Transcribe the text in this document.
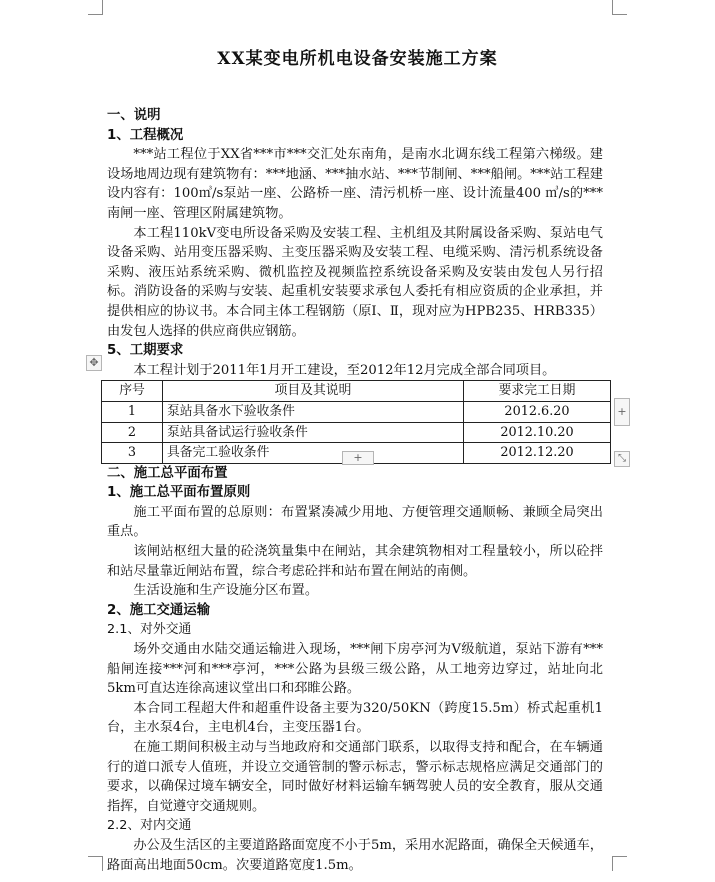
XX某变电所机电设备安装施工方案

一、说明

1、工程概况

***站工程位于XX省***市***交汇处东南角，是南水北调东线工程第六梯级。建设场地周边现有建筑物有：***地涵、***抽水站、***节制闸、***船闸。***站工程建设内容有：100㎥/s泵站一座、公路桥一座、清污机桥一座、设计流量400 ㎥/s的***南闸一座、管理区附属建筑物。

本工程110kV变电所设备采购及安装工程、主机组及其附属设备采购、泵站电气设备采购、站用变压器采购、主变压器采购及安装工程、电缆采购、清污机系统设备采购、液压站系统采购、微机监控及视频监控系统设备采购及安装由发包人另行招标。消防设备的采购与安装、起重机安装要求承包人委托有相应资质的企业承担，并提供相应的协议书。本合同主体工程钢筋（原Ⅰ、Ⅱ，现对应为HPB235、HRB335）由发包人选择的供应商供应钢筋。

5、工期要求

本工程计划于2011年1月开工建设，至2012年12月完成全部合同项目。

序号	项目及其说明	要求完工日期
1	泵站具备水下验收条件	2012.6.20
2	泵站具备试运行验收条件	2012.10.20
3	具备完工验收条件	2012.12.20

二、施工总平面布置

1、施工总平面布置原则

施工平面布置的总原则：布置紧凑减少用地、方便管理交通顺畅、兼顾全局突出重点。

该闸站枢纽大量的砼浇筑量集中在闸站，其余建筑物相对工程量较小，所以砼拌和站尽量靠近闸站布置，综合考虑砼拌和站布置在闸站的南侧。

生活设施和生产设施分区布置。

2、施工交通运输

2.1、对外交通

场外交通由水陆交通运输进入现场，***闸下房亭河为Ⅴ级航道，泵站下游有***船闸连接***河和***亭河，***公路为县级三级公路，从工地旁边穿过，站址向北5km可直达连徐高速议堂出口和邳睢公路。

本合同工程超大件和超重件设备主要为320/50KN（跨度15.5m）桥式起重机1台，主水泵4台，主电机4台，主变压器1台。

在施工期间积极主动与当地政府和交通部门联系，以取得支持和配合，在车辆通行的道口派专人值班，并设立交通管制的警示标志，警示标志规格应满足交通部门的要求，以确保过境车辆安全，同时做好材料运输车辆驾驶人员的安全教育，服从交通指挥，自觉遵守交通规则。

2.2、对内交通

办公及生活区的主要道路路面宽度不小于5m，采用水泥路面，确保全天候通车，路面高出地面50cm。次要道路宽度1.5m。

✥
+
+
⤡
